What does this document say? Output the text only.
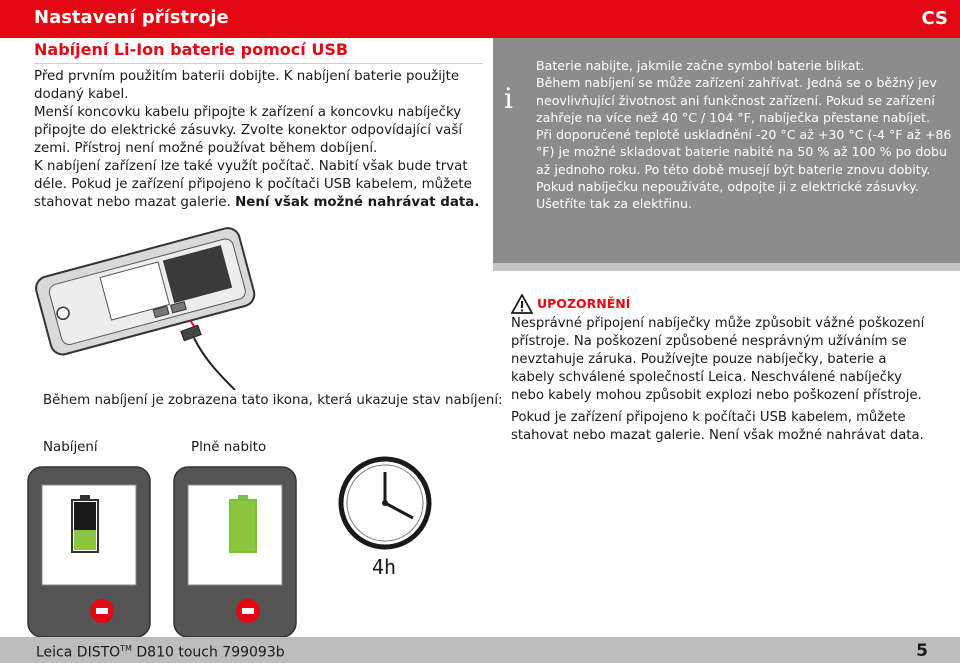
Nastavení přístroje	CS
Nabíjení Li-Ion baterie pomocí USB

Před prvním použitím baterii dobijte. K nabíjení baterie použijte dodaný kabel.

Menší koncovku kabelu připojte k zařízení a koncovku nabíječky připojte do elektrické zásuvky. Zvolte konektor odpovídající vaší zemi. Přístroj není možné používat během dobíjení.

K nabíjení zařízení lze také využít počítač. Nabití však bude trvat déle. Pokud je zařízení připojeno k počítači USB kabelem, můžete stahovat nebo mazat galerie. Není však možné nahrávat data.

i
Baterie nabijte, jakmile začne symbol baterie blikat.
Během nabíjení se může zařízení zahřívat. Jedná se o běžný jev neovlivňující životnost ani funkčnost zařízení. Pokud se zařízení zahřeje na více než 40 °C / 104 °F, nabíječka přestane nabíjet.
Při doporučené teplotě uskladnění -20 °C až +30 °C (-4 °F až +86 °F) je možné skladovat baterie nabité na 50 % až 100 % po dobu až jednoho roku. Po této době musejí být baterie znovu dobity.
Pokud nabíječku nepoužíváte, odpojte ji z elektrické zásuvky. Ušetříte tak za elektřinu.
UPOZORNĚNÍ

Nesprávné připojení nabíječky může způsobit vážné poškození přístroje. Na poškození způsobené nesprávným užíváním se nevztahuje záruka. Používejte pouze nabíječky, baterie a kabely schválené společností Leica. Neschválené nabíječky nebo kabely mohou způsobit explozi nebo poškození přístroje.

Pokud je zařízení připojeno k počítači USB kabelem, můžete stahovat nebo mazat galerie. Není však možné nahrávat data.

Během nabíjení je zobrazena tato ikona, která ukazuje stav nabíjení:
Nabíjení	Plně nabito
4h
Leica DISTO™ D810 touch 799093b	5
